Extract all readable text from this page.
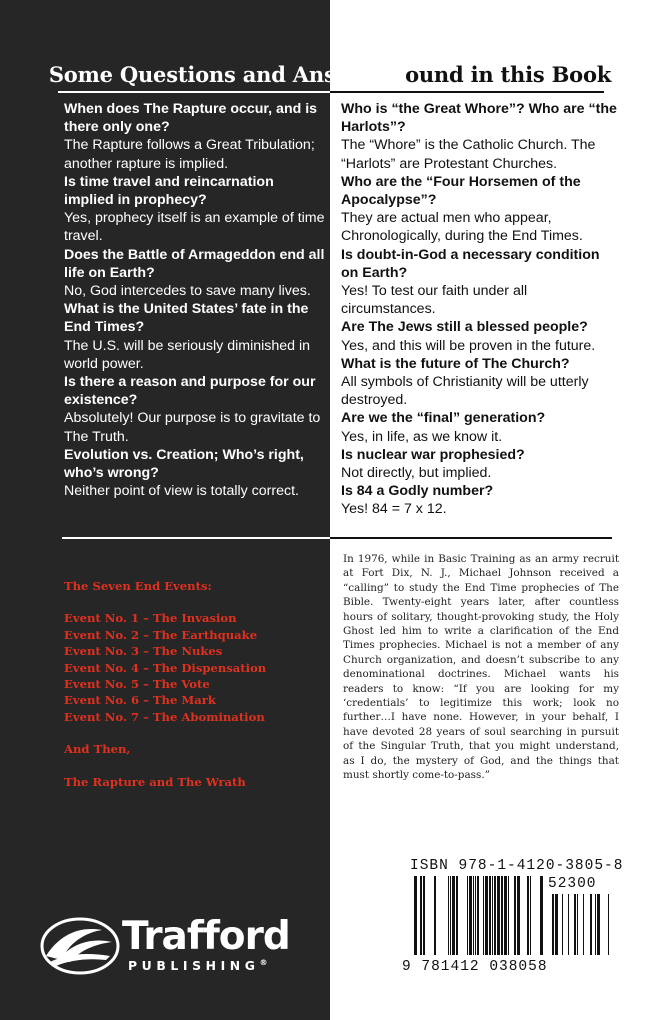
Some Questions and Answers found in this Book
When does The Rapture occur, and is there only one?
The Rapture follows a Great Tribulation; another rapture is implied.
Is time travel and reincarnation implied in prophecy?
Yes, prophecy itself is an example of time travel.
Does the Battle of Armageddon end all life on Earth?
No, God intercedes to save many lives.
What is the United States’ fate in the End Times?
The U.S. will be seriously diminished in world power.
Is there a reason and purpose for our existence?
Absolutely! Our purpose is to gravitate to The Truth.
Evolution vs. Creation; Who’s right, who’s wrong?
Neither point of view is totally correct.
Who is “the Great Whore”? Who are “the Harlots”?
The “Whore” is the Catholic Church. The “Harlots” are Protestant Churches.
Who are the “Four Horsemen of the Apocalypse”?
They are actual men who appear, Chronologically, during the End Times.
Is doubt-in-God a necessary condition on Earth?
Yes! To test our faith under all circumstances.
Are The Jews still a blessed people?
Yes, and this will be proven in the future.
What is the future of The Church?
All symbols of Christianity will be utterly destroyed.
Are we the “final” generation?
Yes, in life, as we know it.
Is nuclear war prophesied?
Not directly, but implied.
Is 84 a Godly number?
Yes! 84 = 7 x 12.
The Seven End Events:
Event No. 1 – The Invasion
Event No. 2 – The Earthquake
Event No. 3 – The Nukes
Event No. 4 – The Dispensation
Event No. 5 – The Vote
Event No. 6 – The Mark
Event No. 7 – The Abomination
And Then,
The Rapture and The Wrath
In 1976, while in Basic Training as an army recruit at Fort Dix, N. J., Michael Johnson received a “calling” to study the End Time prophecies of The Bible. Twenty-eight years later, after countless hours of solitary, thought-provoking study, the Holy Ghost led him to write a clarification of the End Times prophecies. Michael is not a member of any Church organization, and doesn’t subscribe to any denominational doctrines. Michael wants his readers to know: “If you are looking for my ‘credentials’ to legitimize this work; look no further…I have none. However, in your behalf, I have devoted 28 years of soul searching in pursuit of the Singular Truth, that you might understand, as I do, the mystery of God, and the things that must shortly come-to-pass.”
ISBN 978-1-4120-3805-8
52300
9 781412 038058
Trafford
PUBLISHING®
